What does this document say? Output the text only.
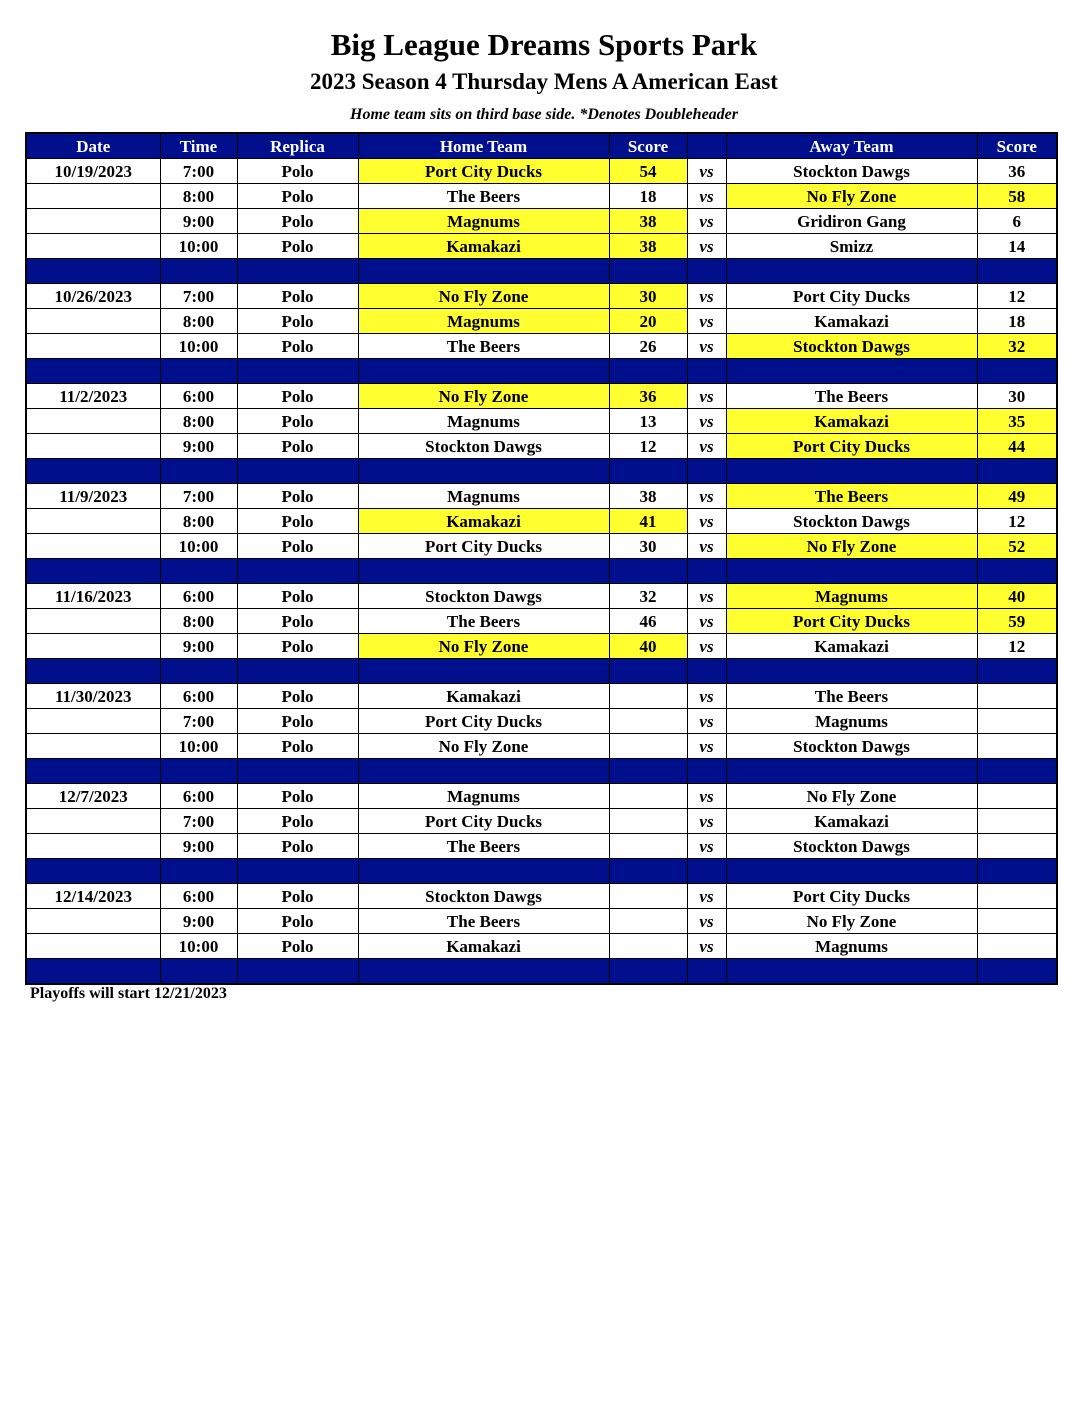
Big League Dreams Sports Park
2023 Season 4 Thursday Mens A American East
Home team sits on third base side. *Denotes Doubleheader
Date	Time	Replica	Home Team	Score		Away Team	Score
10/19/2023	7:00	Polo	Port City Ducks	54	vs	Stockton Dawgs	36
	8:00	Polo	The Beers	18	vs	No Fly Zone	58
	9:00	Polo	Magnums	38	vs	Gridiron Gang	6
	10:00	Polo	Kamakazi	38	vs	Smizz	14

10/26/2023	7:00	Polo	No Fly Zone	30	vs	Port City Ducks	12
	8:00	Polo	Magnums	20	vs	Kamakazi	18
	10:00	Polo	The Beers	26	vs	Stockton Dawgs	32

11/2/2023	6:00	Polo	No Fly Zone	36	vs	The Beers	30
	8:00	Polo	Magnums	13	vs	Kamakazi	35
	9:00	Polo	Stockton Dawgs	12	vs	Port City Ducks	44

11/9/2023	7:00	Polo	Magnums	38	vs	The Beers	49
	8:00	Polo	Kamakazi	41	vs	Stockton Dawgs	12
	10:00	Polo	Port City Ducks	30	vs	No Fly Zone	52

11/16/2023	6:00	Polo	Stockton Dawgs	32	vs	Magnums	40
	8:00	Polo	The Beers	46	vs	Port City Ducks	59
	9:00	Polo	No Fly Zone	40	vs	Kamakazi	12

11/30/2023	6:00	Polo	Kamakazi		vs	The Beers	
	7:00	Polo	Port City Ducks		vs	Magnums	
	10:00	Polo	No Fly Zone		vs	Stockton Dawgs	

12/7/2023	6:00	Polo	Magnums		vs	No Fly Zone	
	7:00	Polo	Port City Ducks		vs	Kamakazi	
	9:00	Polo	The Beers		vs	Stockton Dawgs	

12/14/2023	6:00	Polo	Stockton Dawgs		vs	Port City Ducks	
	9:00	Polo	The Beers		vs	No Fly Zone	
	10:00	Polo	Kamakazi		vs	Magnums	

Playoffs will start 12/21/2023
